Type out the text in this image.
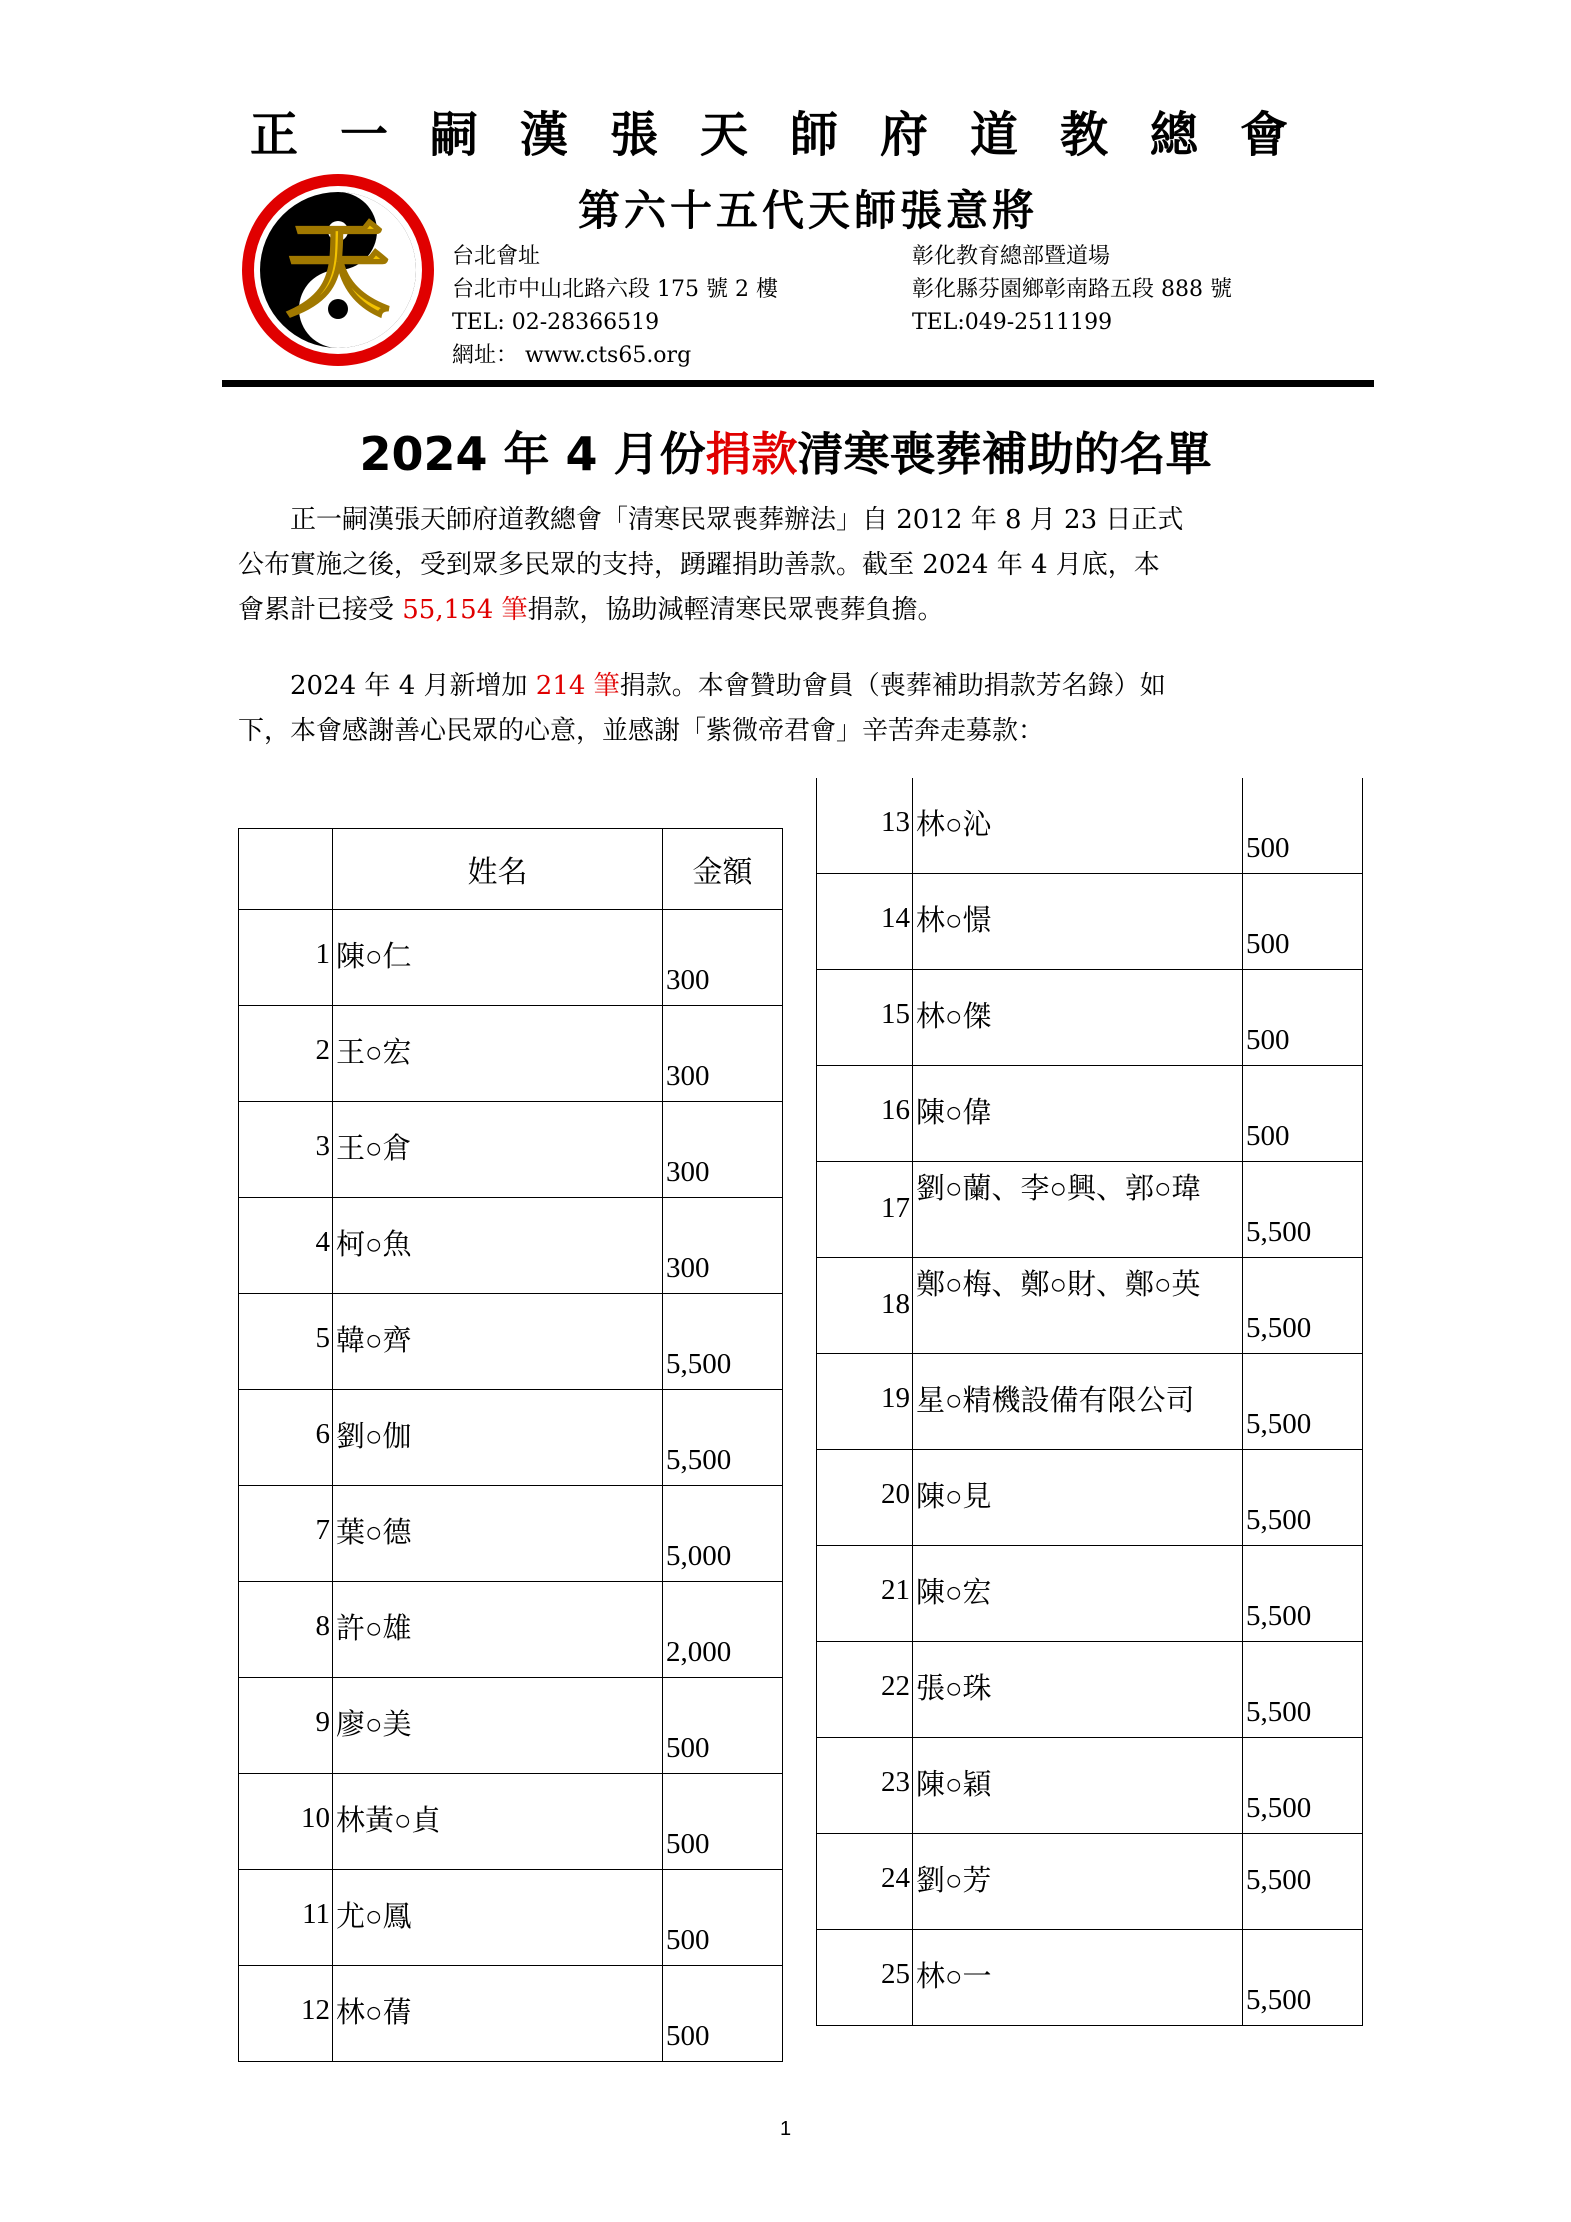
正一嗣漢張天師府道教總會
天	第六十五代天師張意將
台北會址
台北市中山北路六段 175 號 2 樓
TEL: 02-28366519
網址： www.cts65.org
彰化教育總部暨道場
彰化縣芬園鄉彰南路五段 888 號
TEL:049-2511199
2024 年 4 月份捐款清寒喪葬補助的名單
　　正一嗣漢張天師府道教總會「清寒民眾喪葬辦法」自 2012 年 8 月 23 日正式
公布實施之後，受到眾多民眾的支持，踴躍捐助善款。截至 2024 年 4 月底，本
會累計已接受 55,154 筆捐款，協助減輕清寒民眾喪葬負擔。
　　2024 年 4 月新增加 214 筆捐款。本會贊助會員（喪葬補助捐款芳名錄）如
下，本會感謝善心民眾的心意，並感謝「紫微帝君會」辛苦奔走募款：
	姓名	金額

1	陳○仁	300

2	王○宏	300

3	王○倉	300

4	柯○魚	300

5	韓○齊	5,500

6	劉○伽	5,500

7	葉○德	5,000

8	許○雄	2,000

9	廖○美	500

10	林黃○貞	500

11	尤○鳳	500

12	林○蒨	500
13	林○沁	500

14	林○憬	500

15	林○傑	500

16	陳○偉	500

17	劉○蘭、李○興、郭○瑋	5,500

18	鄭○梅、鄭○財、鄭○英	5,500

19	星○精機設備有限公司	5,500

20	陳○見	5,500

21	陳○宏	5,500

22	張○珠	5,500

23	陳○穎	5,500

24	劉○芳	5,500

25	林○一	5,500
1
